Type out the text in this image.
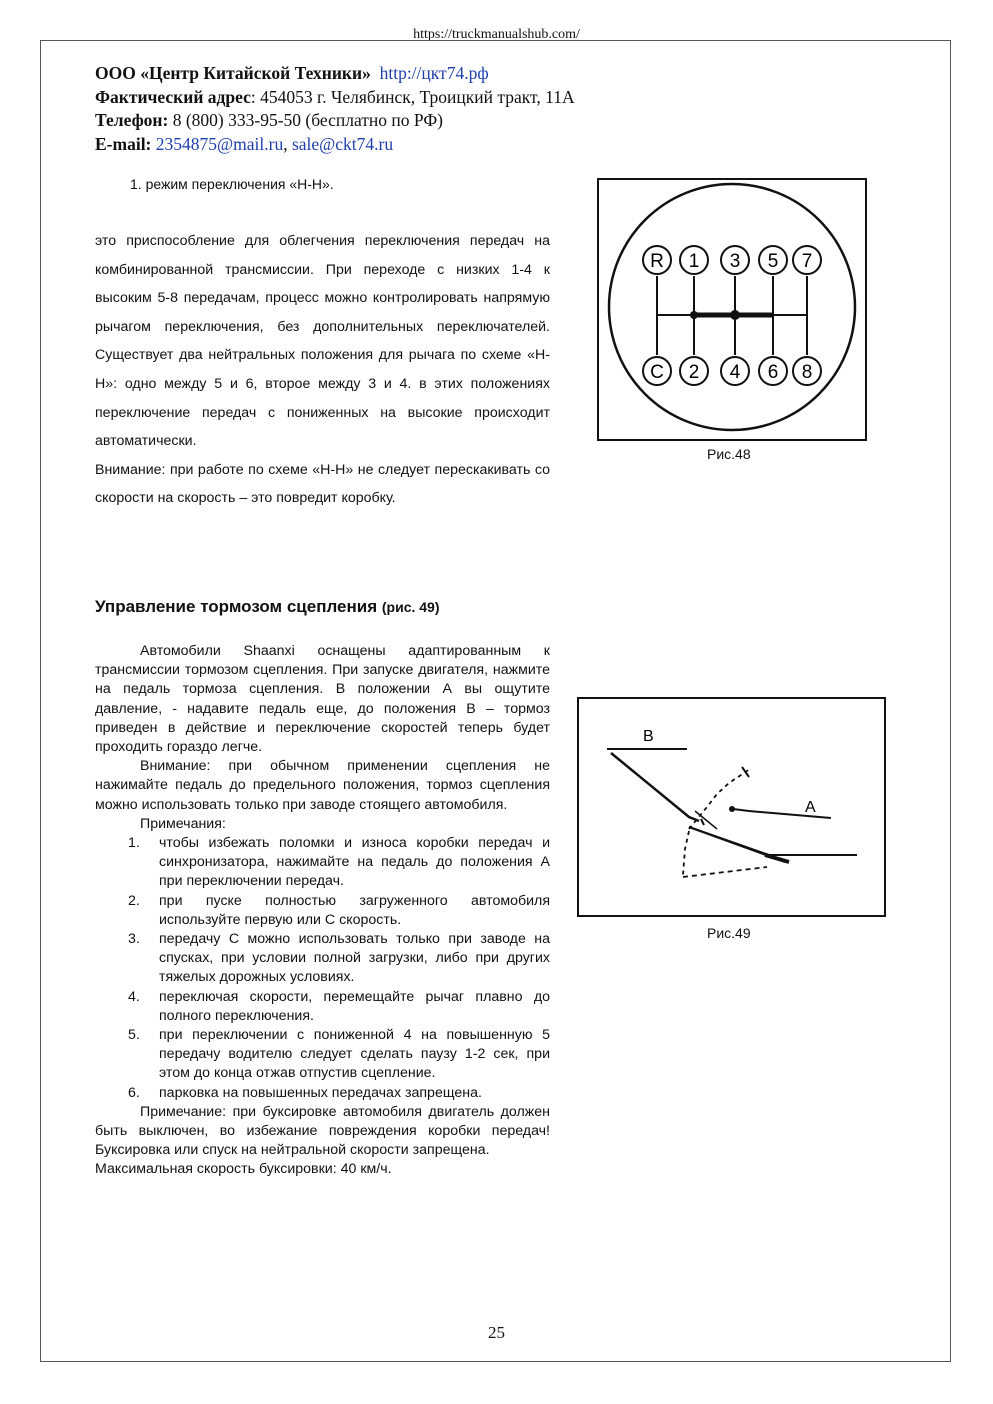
https://truckmanualshub.com/
ООО «Центр Китайской Техники» http://цкт74.рф
Фактический адрес: 454053 г. Челябинск, Троицкий тракт, 11А
Телефон: 8 (800) 333-95-50 (бесплатно по РФ)
E-mail: 2354875@mail.ru, sale@ckt74.ru
1. режим переключения «Н-Н».

это приспособление для облегчения переключения передач на комбинированной трансмиссии. При переходе с низких 1-4 к высоким 5-8 передачам, процесс можно контролировать напрямую рычагом переключения, без дополнительных переключателей. Существует два нейтральных положения для рычага по схеме «Н-Н»: одно между 5 и 6, второе между 3 и 4. в этих положениях переключение передач с пониженных на высокие происходит автоматически.

Внимание: при работе по схеме «Н-Н» не следует перескакивать со скорости на скорость – это повредит коробку.

R 1 3 5 7
C 2 4 6 8
Рис.48
Управление тормозом сцепления (рис. 49)

Автомобили Shaanxi оснащены адаптированным к трансмиссии тормозом сцепления. При запуске двигателя, нажмите на педаль тормоза сцепления. В положении А вы ощутите давление, - надавите педаль еще, до положения В – тормоз приведен в действие и переключение скоростей теперь будет проходить гораздо легче.

Внимание: при обычном применении сцепления не нажимайте педаль до предельного положения, тормоз сцепления можно использовать только при заводе стоящего автомобиля.

Примечания:

1. чтобы избежать поломки и износа коробки передач и синхронизатора, нажимайте на педаль до положения А при переключении передач.
2. при пуске полностью загруженного автомобиля используйте первую или С скорость.
3. передачу С можно использовать только при заводе на спусках, при условии полной загрузки, либо при других тяжелых дорожных условиях.
4. переключая скорости, перемещайте рычаг плавно до полного переключения.
5. при переключении с пониженной 4 на повышенную 5 передачу водителю следует сделать паузу 1-2 сек, при этом до конца отжав отпустив сцепление.
6. парковка на повышенных передачах запрещена.

Примечание: при буксировке автомобиля двигатель должен быть выключен, во избежание повреждения коробки передач! Буксировка или спуск на нейтральной скорости запрещена.

Максимальная скорость буксировки: 40 км/ч.

B
A
Рис.49
25
